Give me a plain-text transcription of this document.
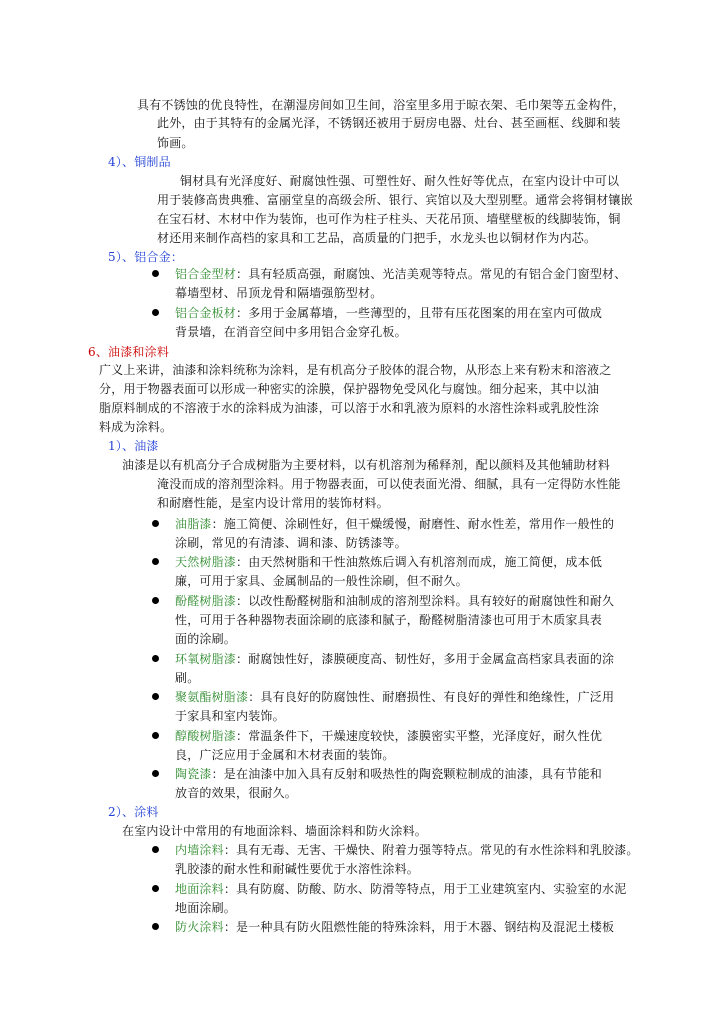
具有不锈蚀的优良特性，在潮湿房间如卫生间，浴室里多用于晾衣架、毛巾架等五金构件，
此外，由于其特有的金属光泽，不锈钢还被用于厨房电器、灶台、甚至画框、线脚和装
饰画。
4）、铜制品
铜材具有光泽度好、耐腐蚀性强、可塑性好、耐久性好等优点，在室内设计中可以
用于装修高贵典雅、富丽堂皇的高级会所、银行、宾馆以及大型别墅。通常会将铜材镶嵌
在宝石材、木材中作为装饰，也可作为柱子柱头、天花吊顶、墙壁壁板的线脚装饰，铜
材还用来制作高档的家具和工艺品，高质量的门把手，水龙头也以铜材作为内芯。
5）、铝合金：
铝合金型材：具有轻质高强，耐腐蚀、光洁美观等特点。常见的有铝合金门窗型材、
幕墙型材、吊顶龙骨和隔墙强筋型材。
铝合金板材：多用于金属幕墙，一些薄型的，且带有压花图案的用在室内可做成
背景墙，在消音空间中多用铝合金穿孔板。
6、油漆和涂料
广义上来讲，油漆和涂料统称为涂料，是有机高分子胶体的混合物，从形态上来有粉末和溶液之
分，用于物器表面可以形成一种密实的涂膜，保护器物免受风化与腐蚀。细分起来，其中以油
脂原料制成的不溶液于水的涂料成为油漆，可以溶于水和乳液为原料的水溶性涂料或乳胶性涂
料成为涂料。
1）、油漆
油漆是以有机高分子合成树脂为主要材料，以有机溶剂为稀释剂，配以颜料及其他辅助材料
淹没而成的溶剂型涂料。用于物器表面，可以使表面光滑、细腻，具有一定得防水性能
和耐磨性能，是室内设计常用的装饰材料。
油脂漆：施工简便、涂刷性好，但干燥缓慢，耐磨性、耐水性差，常用作一般性的
涂刷，常见的有清漆、调和漆、防锈漆等。
天然树脂漆：由天然树脂和干性油熬炼后调入有机溶剂而成，施工简便，成本低
廉，可用于家具、金属制品的一般性涂刷，但不耐久。
酚醛树脂漆：以改性酚醛树脂和油制成的溶剂型涂料。具有较好的耐腐蚀性和耐久
性，可用于各种器物表面涂刷的底漆和腻子，酚醛树脂清漆也可用于木质家具表
面的涂刷。
环氧树脂漆：耐腐蚀性好，漆膜硬度高、韧性好，多用于金属盒高档家具表面的涂
刷。
聚氨酯树脂漆：具有良好的防腐蚀性、耐磨损性、有良好的弹性和绝缘性，广泛用
于家具和室内装饰。
醇酸树脂漆：常温条件下，干燥速度较快，漆膜密实平整，光泽度好，耐久性优
良，广泛应用于金属和木材表面的装饰。
陶瓷漆：是在油漆中加入具有反射和吸热性的陶瓷颗粒制成的油漆，具有节能和
放音的效果，很耐久。
2）、涂料
在室内设计中常用的有地面涂料、墙面涂料和防火涂料。
内墙涂料：具有无毒、无害、干燥快、附着力强等特点。常见的有水性涂料和乳胶漆。
乳胶漆的耐水性和耐碱性要优于水溶性涂料。
地面涂料：具有防腐、防酸、防水、防滑等特点，用于工业建筑室内、实验室的水泥
地面涂刷。
防火涂料：是一种具有防火阻燃性能的特殊涂料，用于木器、钢结构及混泥土楼板
